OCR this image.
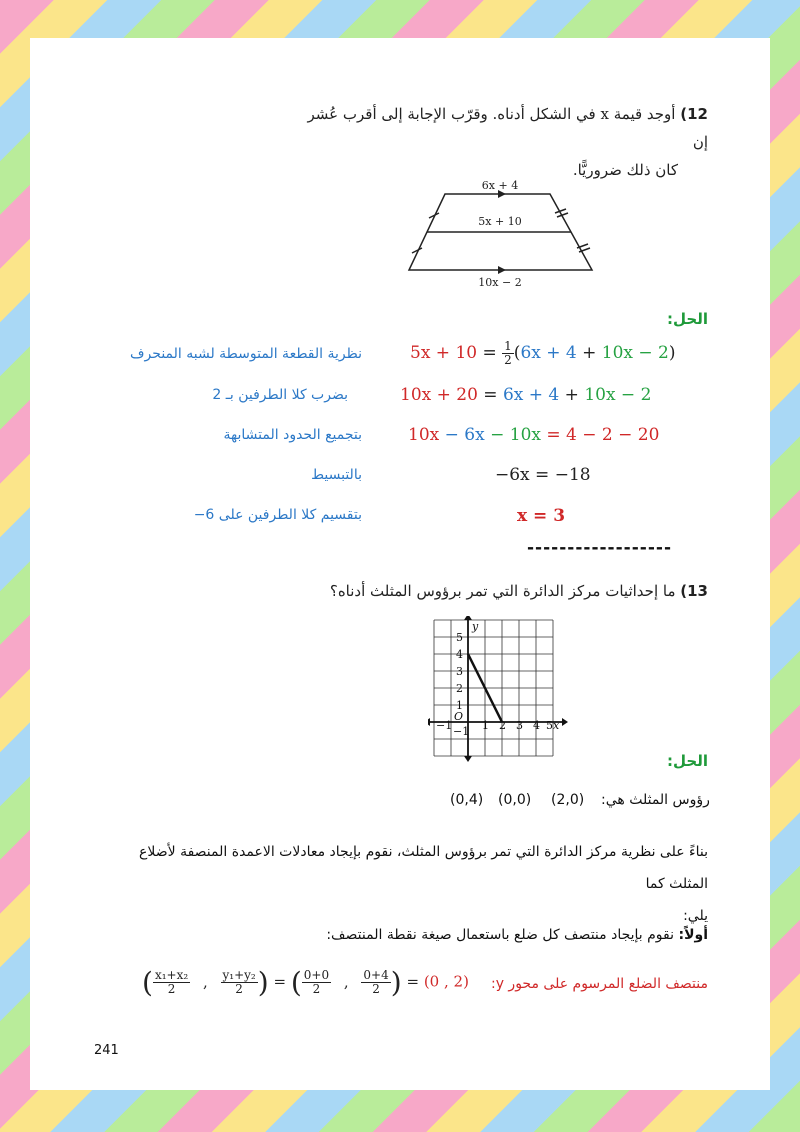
12) أوجد قيمة x في الشكل أدناه. وقرّب الإجابة إلى أقرب عُشر إن
كان ذلك ضروريًّا.
6x + 4
5x + 10
10x − 2
الحل:
نظرية القطعة المتوسطة لشبه المنحرف
بضرب كلا الطرفين بـ 2
بتجميع الحدود المتشابهة
بالتبسيط
بتقسيم كلا الطرفين على 6−
$5x + 10 = \frac{1}{2} (6x + 4 + 10x - 2)$
10x + 20 = 6x + 4 + 10x − 2
10x − 6x − 10x = 4 − 2 − 20
−6x = −18
x = 3
------------------
13) ما إحداثيات مركز الدائرة التي تمر برؤوس المثلث أدناه؟
y
x
O
5
4
3
2
1
−1
−1	1 2 3 4 5
الحل:
(0,4) (0,0) (2,0) رؤوس المثلث هي:
بناءً على نظرية مركز الدائرة التي تمر برؤوس المثلث، نقوم بإيجاد معادلات الاعمدة المنصفة لأضلاع المثلث كما
يلي:
أولاً: نقوم بإيجاد منتصف كل ضلع باستعمال صيغة نقطة المنتصف:
منتصف الضلع المرسوم على محور y:
( $\frac{\text{x₁+x₂}}{2}$ , $\frac{\text{y₁+y₂}}{2}$ ) = ( $\frac{0+0}{2}$ , $\frac{0+4}{2}$ ) = (0 , 2)
241
